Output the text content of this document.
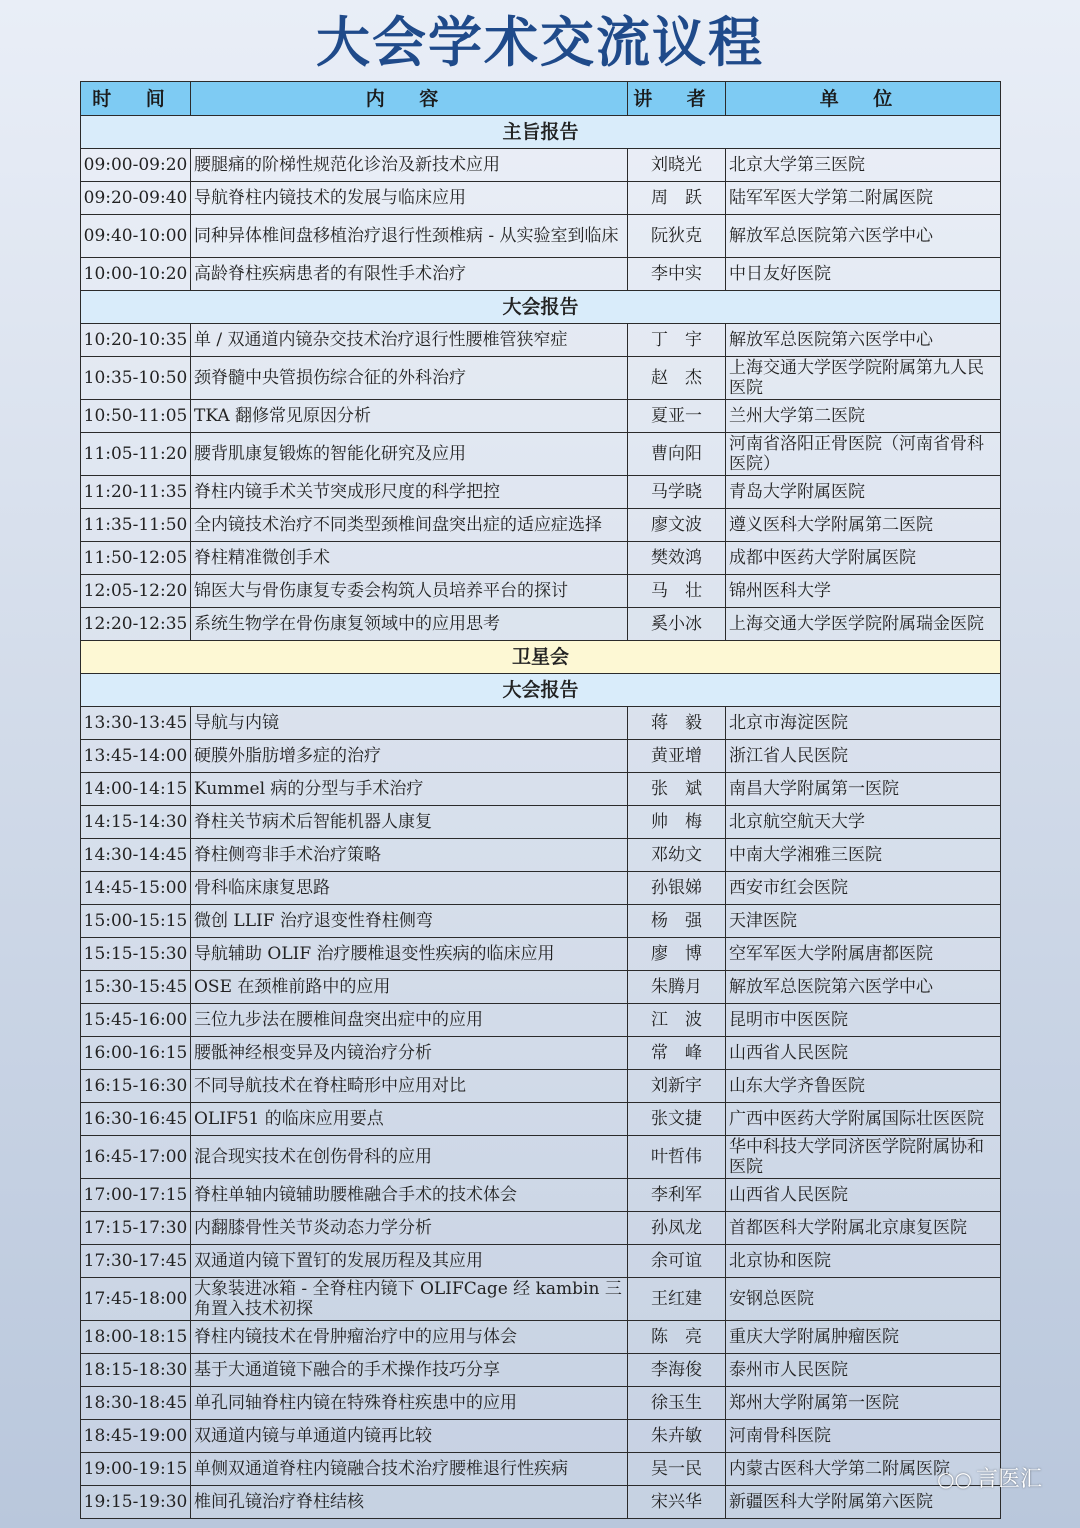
大会学术交流议程
时 间	内 容	讲 者	单 位
主旨报告			
09:00-09:20	腰腿痛的阶梯性规范化诊治及新技术应用	刘晓光	北京大学第三医院
09:20-09:40	导航脊柱内镜技术的发展与临床应用	周　跃	陆军军医大学第二附属医院
09:40-10:00	同种异体椎间盘移植治疗退行性颈椎病 - 从实验室到临床	阮狄克	解放军总医院第六医学中心
10:00-10:20	高龄脊柱疾病患者的有限性手术治疗	李中实	中日友好医院
大会报告			
10:20-10:35	单 / 双通道内镜杂交技术治疗退行性腰椎管狭窄症	丁　宇	解放军总医院第六医学中心
10:35-10:50	颈脊髓中央管损伤综合征的外科治疗	赵　杰	上海交通大学医学院附属第九人民医院
10:50-11:05	TKA 翻修常见原因分析	夏亚一	兰州大学第二医院
11:05-11:20	腰背肌康复锻炼的智能化研究及应用	曹向阳	河南省洛阳正骨医院（河南省骨科医院）
11:20-11:35	脊柱内镜手术关节突成形尺度的科学把控	马学晓	青岛大学附属医院
11:35-11:50	全内镜技术治疗不同类型颈椎间盘突出症的适应症选择	廖文波	遵义医科大学附属第二医院
11:50-12:05	脊柱精准微创手术	樊效鸿	成都中医药大学附属医院
12:05-12:20	锦医大与骨伤康复专委会构筑人员培养平台的探讨	马　壮	锦州医科大学
12:20-12:35	系统生物学在骨伤康复领域中的应用思考	奚小冰	上海交通大学医学院附属瑞金医院
卫星会			
大会报告			
13:30-13:45	导航与内镜	蒋　毅	北京市海淀医院
13:45-14:00	硬膜外脂肪增多症的治疗	黄亚增	浙江省人民医院
14:00-14:15	Kummel 病的分型与手术治疗	张　斌	南昌大学附属第一医院
14:15-14:30	脊柱关节病术后智能机器人康复	帅　梅	北京航空航天大学
14:30-14:45	脊柱侧弯非手术治疗策略	邓幼文	中南大学湘雅三医院
14:45-15:00	骨科临床康复思路	孙银娣	西安市红会医院
15:00-15:15	微创 LLIF 治疗退变性脊柱侧弯	杨　强	天津医院
15:15-15:30	导航辅助 OLIF 治疗腰椎退变性疾病的临床应用	廖　博	空军军医大学附属唐都医院
15:30-15:45	OSE 在颈椎前路中的应用	朱腾月	解放军总医院第六医学中心
15:45-16:00	三位九步法在腰椎间盘突出症中的应用	江　波	昆明市中医医院
16:00-16:15	腰骶神经根变异及内镜治疗分析	常　峰	山西省人民医院
16:15-16:30	不同导航技术在脊柱畸形中应用对比	刘新宇	山东大学齐鲁医院
16:30-16:45	OLIF51 的临床应用要点	张文捷	广西中医药大学附属国际壮医医院
16:45-17:00	混合现实技术在创伤骨科的应用	叶哲伟	华中科技大学同济医学院附属协和医院
17:00-17:15	脊柱单轴内镜辅助腰椎融合手术的技术体会	李利军	山西省人民医院
17:15-17:30	内翻膝骨性关节炎动态力学分析	孙凤龙	首都医科大学附属北京康复医院
17:30-17:45	双通道内镜下置钉的发展历程及其应用	余可谊	北京协和医院
17:45-18:00	大象装进冰箱 - 全脊柱内镜下 OLIFCage 经 kambin 三角置入技术初探	王红建	安钢总医院
18:00-18:15	脊柱内镜技术在骨肿瘤治疗中的应用与体会	陈　亮	重庆大学附属肿瘤医院
18:15-18:30	基于大通道镜下融合的手术操作技巧分享	李海俊	泰州市人民医院
18:30-18:45	单孔同轴脊柱内镜在特殊脊柱疾患中的应用	徐玉生	郑州大学附属第一医院
18:45-19:00	双通道内镜与单通道内镜再比较	朱卉敏	河南骨科医院
19:00-19:15	单侧双通道脊柱内镜融合技术治疗腰椎退行性疾病	吴一民	内蒙古医科大学第二附属医院
19:15-19:30	椎间孔镜治疗脊柱结核	宋兴华	新疆医科大学附属第六医院
○○ 言医汇
